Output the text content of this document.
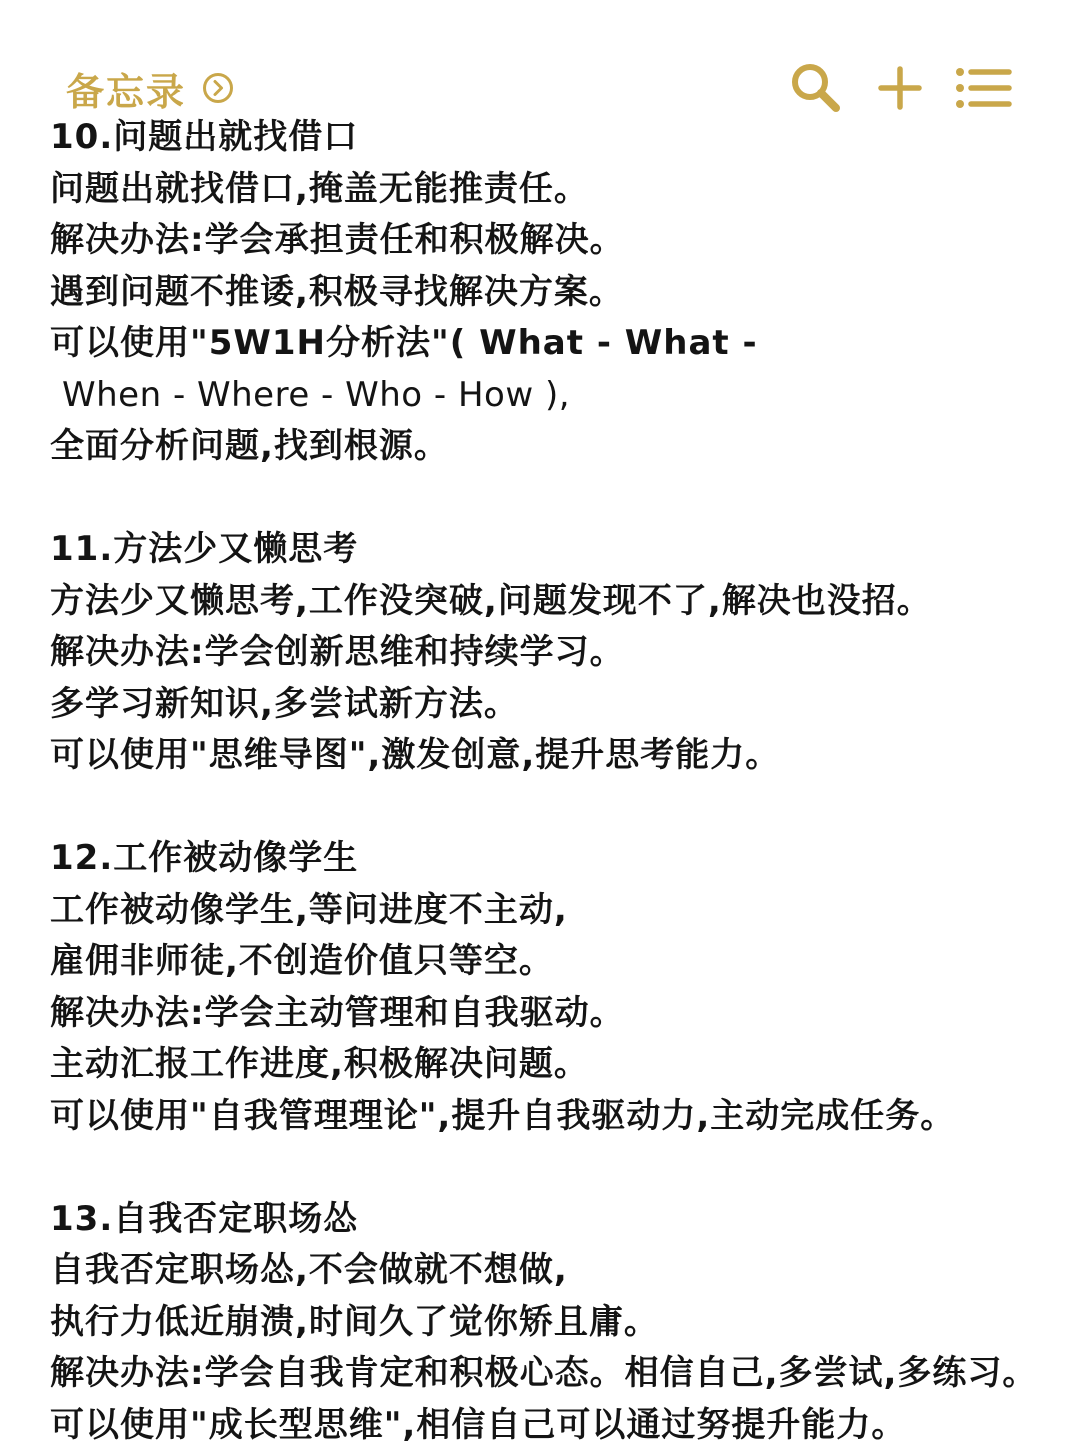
备忘录
10.问题出就找借口
问题出就找借口,掩盖无能推责任。
解决办法:学会承担责任和积极解决。
遇到问题不推诿,积极寻找解决方案。
可以使用"5W1H分析法"( What - What -
When - Where - Who - How ),
全面分析问题,找到根源。
11.方法少又懒思考
方法少又懒思考,工作没突破,问题发现不了,解决也没招。
解决办法:学会创新思维和持续学习。
多学习新知识,多尝试新方法。
可以使用"思维导图",激发创意,提升思考能力。
12.工作被动像学生
工作被动像学生,等问进度不主动,
雇佣非师徒,不创造价值只等空。
解决办法:学会主动管理和自我驱动。
主动汇报工作进度,积极解决问题。
可以使用"自我管理理论",提升自我驱动力,主动完成任务。
13.自我否定职场怂
自我否定职场怂,不会做就不想做,
执行力低近崩溃,时间久了觉你矫且庸。
解决办法:学会自我肯定和积极心态。相信自己,多尝试,多练习。
可以使用"成长型思维",相信自己可以通过努提升能力。
